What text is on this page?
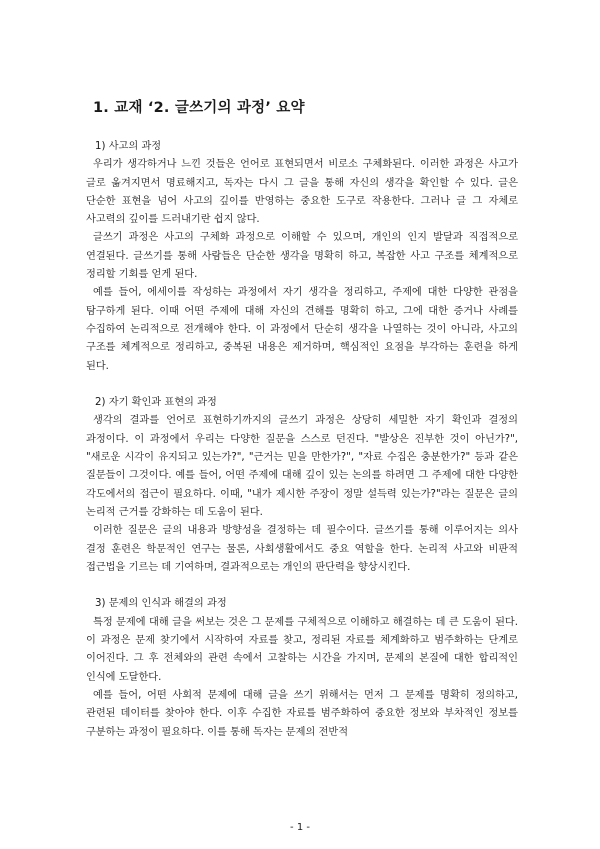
1. 교재 ‘2. 글쓰기의 과정’ 요약
1) 사고의 과정

우리가 생각하거나 느낀 것들은 언어로 표현되면서 비로소 구체화된다. 이러한 과정은 사고가 글로 옮겨지면서 명료해지고, 독자는 다시 그 글을 통해 자신의 생각을 확인할 수 있다. 글은 단순한 표현을 넘어 사고의 깊이를 반영하는 중요한 도구로 작용한다. 그러나 글 그 자체로 사고력의 깊이를 드러내기란 쉽지 않다.

글쓰기 과정은 사고의 구체화 과정으로 이해할 수 있으며, 개인의 인지 발달과 직접적으로 연결된다. 글쓰기를 통해 사람들은 단순한 생각을 명확히 하고, 복잡한 사고 구조를 체계적으로 정리할 기회를 얻게 된다.

예를 들어, 에세이를 작성하는 과정에서 자기 생각을 정리하고, 주제에 대한 다양한 관점을 탐구하게 된다. 이때 어떤 주제에 대해 자신의 견해를 명확히 하고, 그에 대한 증거나 사례를 수집하여 논리적으로 전개해야 한다. 이 과정에서 단순히 생각을 나열하는 것이 아니라, 사고의 구조를 체계적으로 정리하고, 중복된 내용은 제거하며, 핵심적인 요점을 부각하는 훈련을 하게 된다.

2) 자기 확인과 표현의 과정

생각의 결과를 언어로 표현하기까지의 글쓰기 과정은 상당히 세밀한 자기 확인과 결정의 과정이다. 이 과정에서 우리는 다양한 질문을 스스로 던진다. "발상은 진부한 것이 아닌가?", "새로운 시각이 유지되고 있는가?", "근거는 믿을 만한가?", "자료 수집은 충분한가?" 등과 같은 질문들이 그것이다. 예를 들어, 어떤 주제에 대해 깊이 있는 논의를 하려면 그 주제에 대한 다양한 각도에서의 접근이 필요하다. 이때, "내가 제시한 주장이 정말 설득력 있는가?"라는 질문은 글의 논리적 근거를 강화하는 데 도움이 된다.

이러한 질문은 글의 내용과 방향성을 결정하는 데 필수이다. 글쓰기를 통해 이루어지는 의사 결정 훈련은 학문적인 연구는 물론, 사회생활에서도 중요 역할을 한다. 논리적 사고와 비판적 접근법을 기르는 데 기여하며, 결과적으로는 개인의 판단력을 향상시킨다.

3) 문제의 인식과 해결의 과정

특정 문제에 대해 글을 써보는 것은 그 문제를 구체적으로 이해하고 해결하는 데 큰 도움이 된다. 이 과정은 문제 찾기에서 시작하여 자료를 찾고, 정리된 자료를 체계화하고 범주화하는 단계로 이어진다. 그 후 전체와의 관련 속에서 고찰하는 시간을 가지며, 문제의 본질에 대한 합리적인 인식에 도달한다.

예를 들어, 어떤 사회적 문제에 대해 글을 쓰기 위해서는 먼저 그 문제를 명확히 정의하고, 관련된 데이터를 찾아야 한다. 이후 수집한 자료를 범주화하여 중요한 정보와 부차적인 정보를 구분하는 과정이 필요하다. 이를 통해 독자는 문제의 전반적

- 1 -
